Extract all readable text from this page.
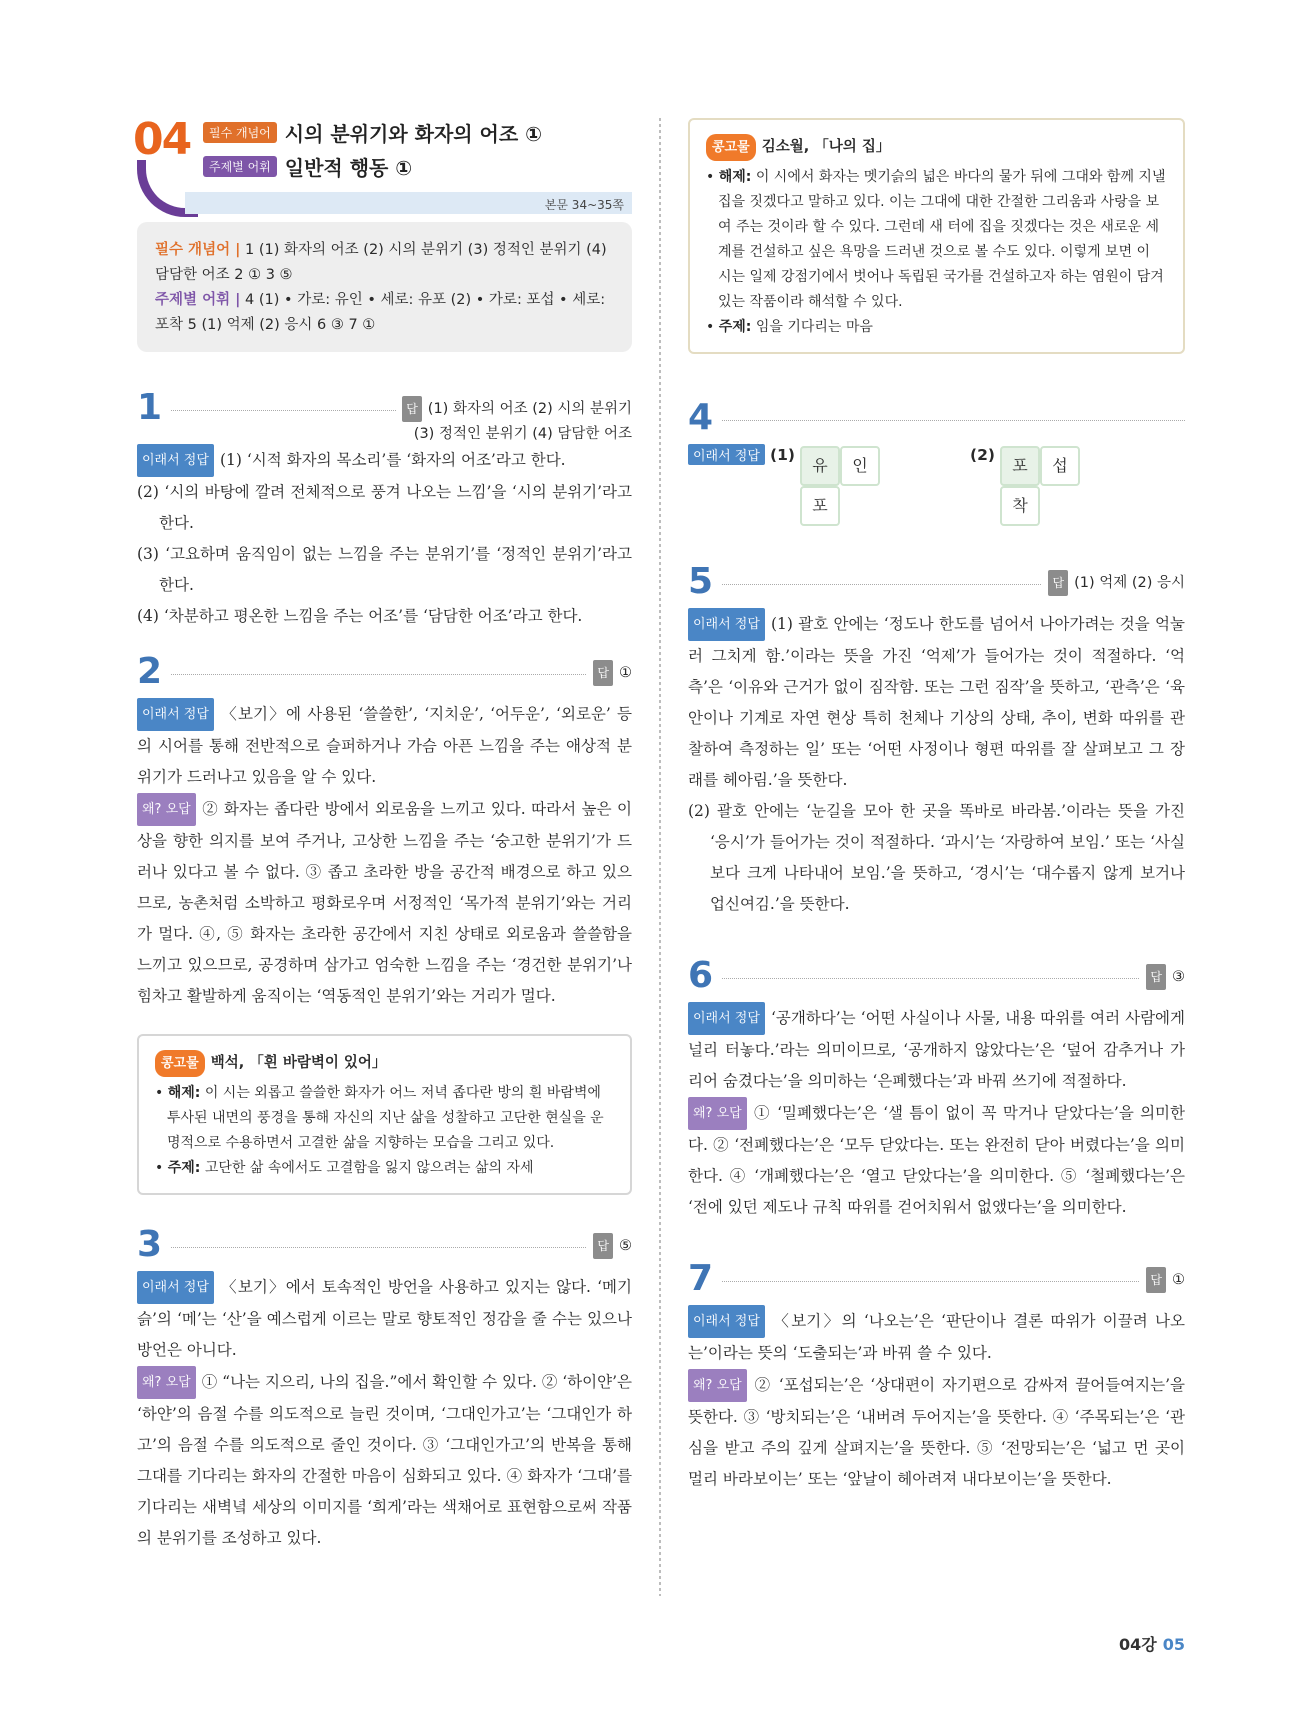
04	필수 개념어 시의 분위기와 화자의 어조 ①
주제별 어휘 일반적 행동 ①
본문 34~35쪽
필수 개념어 | 1 (1) 화자의 어조 (2) 시의 분위기 (3) 정적인 분위기 (4) 담담한 어조 2 ① 3 ⑤
주제별 어휘 | 4 (1) • 가로: 유인 • 세로: 유포 (2) • 가로: 포섭 • 세로: 포착 5 (1) 억제 (2) 응시 6 ③ 7 ①
1	답 (1) 화자의 어조 (2) 시의 분위기
(3) 정적인 분위기 (4) 담담한 어조

이래서 정답 (1) ‘시적 화자의 목소리’를 ‘화자의 어조’라고 한다.

(2) ‘시의 바탕에 깔려 전체적으로 풍겨 나오는 느낌’을 ‘시의 분위기’라고 한다.

(3) ‘고요하며 움직임이 없는 느낌을 주는 분위기’를 ‘정적인 분위기’라고 한다.

(4) ‘차분하고 평온한 느낌을 주는 어조’를 ‘담담한 어조’라고 한다.

2	답 ①

이래서 정답 〈보기〉에 사용된 ‘쓸쓸한’, ‘지치운’, ‘어두운’, ‘외로운’ 등의 시어를 통해 전반적으로 슬퍼하거나 가슴 아픈 느낌을 주는 애상적 분위기가 드러나고 있음을 알 수 있다.

왜? 오답 ② 화자는 좁다란 방에서 외로움을 느끼고 있다. 따라서 높은 이상을 향한 의지를 보여 주거나, 고상한 느낌을 주는 ‘숭고한 분위기’가 드러나 있다고 볼 수 없다. ③ 좁고 초라한 방을 공간적 배경으로 하고 있으므로, 농촌처럼 소박하고 평화로우며 서정적인 ‘목가적 분위기’와는 거리가 멀다. ④, ⑤ 화자는 초라한 공간에서 지친 상태로 외로움과 쓸쓸함을 느끼고 있으므로, 공경하며 삼가고 엄숙한 느낌을 주는 ‘경건한 분위기’나 힘차고 활발하게 움직이는 ‘역동적인 분위기’와는 거리가 멀다.

콩고물 백석, 「흰 바람벽이 있어」
• 해제: 이 시는 외롭고 쓸쓸한 화자가 어느 저녁 좁다란 방의 흰 바람벽에 투사된 내면의 풍경을 통해 자신의 지난 삶을 성찰하고 고단한 현실을 운명적으로 수용하면서 고결한 삶을 지향하는 모습을 그리고 있다.
• 주제: 고단한 삶 속에서도 고결함을 잃지 않으려는 삶의 자세
3	답 ⑤

이래서 정답 〈보기〉에서 토속적인 방언을 사용하고 있지는 않다. ‘메기슭’의 ‘메’는 ‘산’을 예스럽게 이르는 말로 향토적인 정감을 줄 수는 있으나 방언은 아니다.

왜? 오답 ① “나는 지으리, 나의 집을.”에서 확인할 수 있다. ② ‘하이얀’은 ‘하얀’의 음절 수를 의도적으로 늘린 것이며, ‘그대인가고’는 ‘그대인가 하고’의 음절 수를 의도적으로 줄인 것이다. ③ ‘그대인가고’의 반복을 통해 그대를 기다리는 화자의 간절한 마음이 심화되고 있다. ④ 화자가 ‘그대’를 기다리는 새벽녘 세상의 이미지를 ‘희게’라는 색채어로 표현함으로써 작품의 분위기를 조성하고 있다.

콩고물 김소월, 「나의 집」
• 해제: 이 시에서 화자는 멧기슭의 넓은 바다의 물가 뒤에 그대와 함께 지낼 집을 짓겠다고 말하고 있다. 이는 그대에 대한 간절한 그리움과 사랑을 보여 주는 것이라 할 수 있다. 그런데 새 터에 집을 짓겠다는 것은 새로운 세계를 건설하고 싶은 욕망을 드러낸 것으로 볼 수도 있다. 이렇게 보면 이 시는 일제 강점기에서 벗어나 독립된 국가를 건설하고자 하는 염원이 담겨 있는 작품이라 해석할 수 있다.
• 주제: 임을 기다리는 마음
4
이래서 정답 (1)
유	인
포
(2)
포	섭
착
5	답 (1) 억제 (2) 응시

이래서 정답 (1) 괄호 안에는 ‘정도나 한도를 넘어서 나아가려는 것을 억눌러 그치게 함.’이라는 뜻을 가진 ‘억제’가 들어가는 것이 적절하다. ‘억측’은 ‘이유와 근거가 없이 짐작함. 또는 그런 짐작’을 뜻하고, ‘관측’은 ‘육안이나 기계로 자연 현상 특히 천체나 기상의 상태, 추이, 변화 따위를 관찰하여 측정하는 일’ 또는 ‘어떤 사정이나 형편 따위를 잘 살펴보고 그 장래를 헤아림.’을 뜻한다.

(2) 괄호 안에는 ‘눈길을 모아 한 곳을 똑바로 바라봄.’이라는 뜻을 가진 ‘응시’가 들어가는 것이 적절하다. ‘과시’는 ‘자랑하여 보임.’ 또는 ‘사실보다 크게 나타내어 보임.’을 뜻하고, ‘경시’는 ‘대수롭지 않게 보거나 업신여김.’을 뜻한다.

6	답 ③

이래서 정답 ‘공개하다’는 ‘어떤 사실이나 사물, 내용 따위를 여러 사람에게 널리 터놓다.’라는 의미이므로, ‘공개하지 않았다는’은 ‘덮어 감추거나 가리어 숨겼다는’을 의미하는 ‘은폐했다는’과 바꿔 쓰기에 적절하다.

왜? 오답 ① ‘밀폐했다는’은 ‘샐 틈이 없이 꼭 막거나 닫았다는’을 의미한다. ② ‘전폐했다는’은 ‘모두 닫았다는. 또는 완전히 닫아 버렸다는’을 의미한다. ④ ‘개폐했다는’은 ‘열고 닫았다는’을 의미한다. ⑤ ‘철폐했다는’은 ‘전에 있던 제도나 규칙 따위를 걷어치워서 없앴다는’을 의미한다.

7	답 ①

이래서 정답 〈보기〉의 ‘나오는’은 ‘판단이나 결론 따위가 이끌려 나오는’이라는 뜻의 ‘도출되는’과 바꿔 쓸 수 있다.

왜? 오답 ② ‘포섭되는’은 ‘상대편이 자기편으로 감싸져 끌어들여지는’을 뜻한다. ③ ‘방치되는’은 ‘내버려 두어지는’을 뜻한다. ④ ‘주목되는’은 ‘관심을 받고 주의 깊게 살펴지는’을 뜻한다. ⑤ ‘전망되는’은 ‘넓고 먼 곳이 멀리 바라보이는’ 또는 ‘앞날이 헤아려져 내다보이는’을 뜻한다.

04강 05
